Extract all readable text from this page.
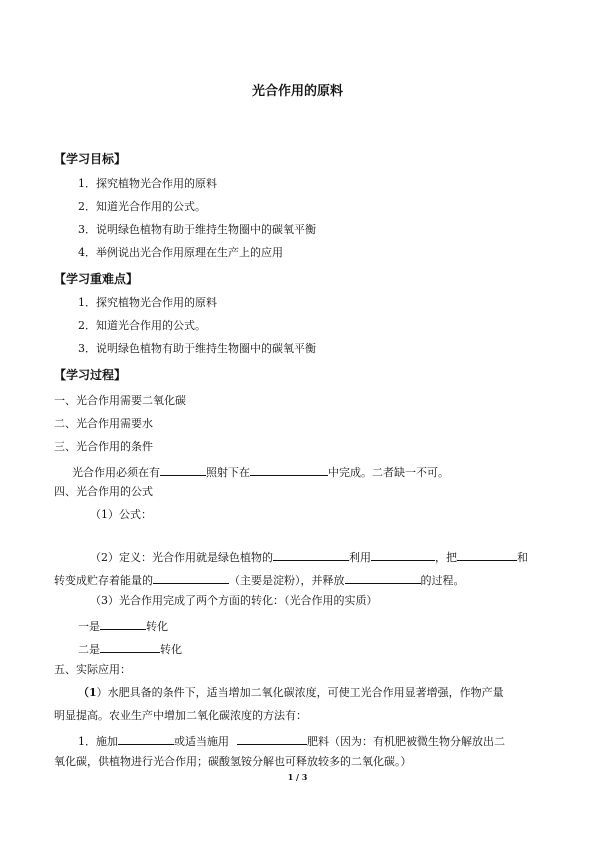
光合作用的原料
【学习目标】
1．探究植物光合作用的原料
2．知道光合作用的公式。
3．说明绿色植物有助于维持生物圈中的碳氧平衡
4．举例说出光合作用原理在生产上的应用
【学习重难点】
1．探究植物光合作用的原料
2．知道光合作用的公式。
3．说明绿色植物有助于维持生物圈中的碳氧平衡
【学习过程】
一、光合作用需要二氧化碳
二、光合作用需要水
三、光合作用的条件
光合作用必须在有	照射下在	中完成。二者缺一不可。
四、光合作用的公式
（1）公式：
（2）定义：光合作用就是绿色植物的	利用	，把	和
转变成贮存着能量的	（主要是淀粉），并释放	的过程。
（3）光合作用完成了两个方面的转化：（光合作用的实质）
一是	转化
二是	转化
五、实际应用：
（1）水肥具备的条件下，适当增加二氧化碳浓度，可使工光合作用显著增强，作物产量
明显提高。农业生产中增加二氧化碳浓度的方法有：
1．施加	或适当施用	肥料（因为：有机肥被微生物分解放出二
氧化碳，供植物进行光合作用；碳酸氢铵分解也可释放较多的二氧化碳。）
1 / 3
